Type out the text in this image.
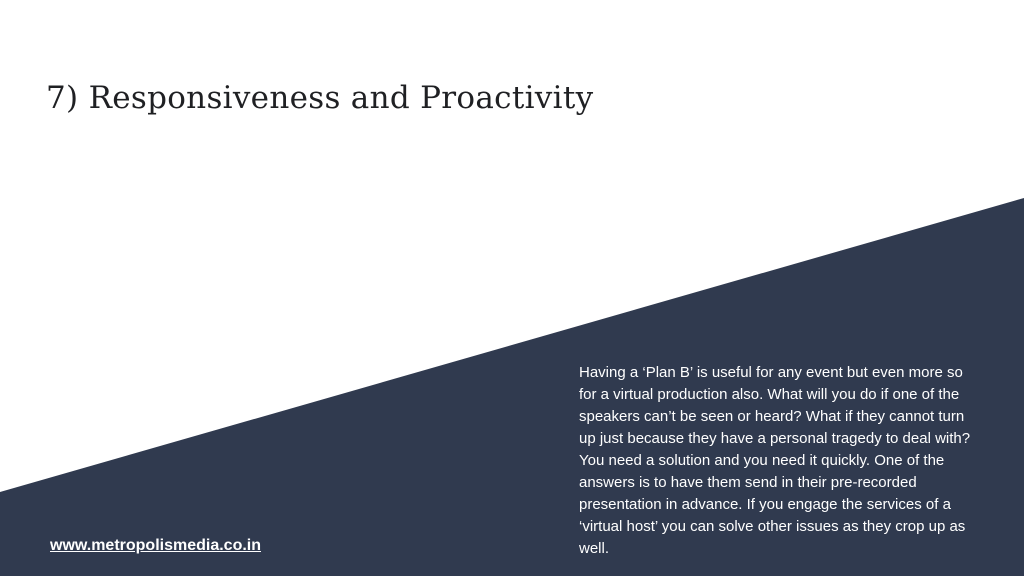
7) Responsiveness and Proactivity

Having a ‘Plan B’ is useful for any event but even more so for a virtual production also. What will you do if one of the speakers can’t be seen or heard? What if they cannot turn up just because they have a personal tragedy to deal with? You need a solution and you need it quickly. One of the answers is to have them send in their pre-recorded presentation in advance. If you engage the services of a ‘virtual host’ you can solve other issues as they crop up as well.

www.metropolismedia.co.in
